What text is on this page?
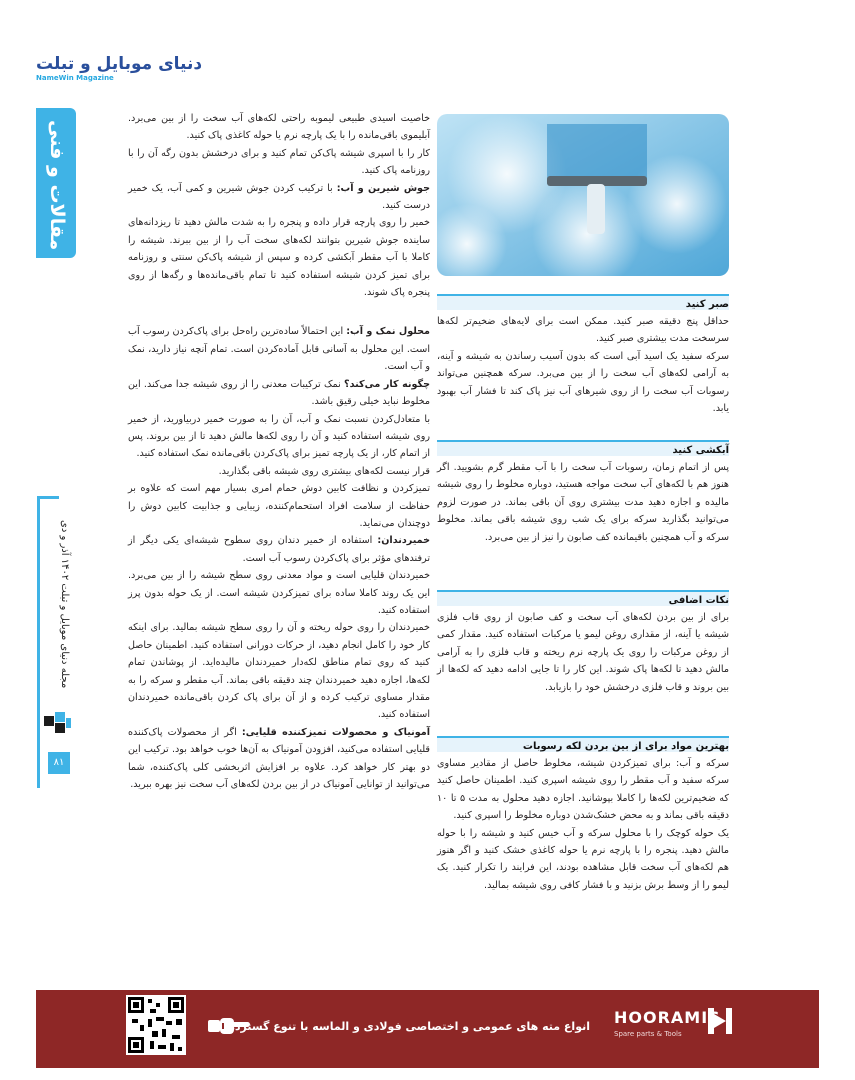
دنیای موبایل و تبلت
NameWin Magazine
مقالات و فنی
مجله دنیای موبایل و تبلت ۱۴۰۲ آذر و دی
۸۱

خاصیت اسیدی طبیعی لیموبه راحتی لکه‌های آب سخت را از بین می‌برد. آبلیموی باقی‌مانده را با یک پارچه نرم یا حوله کاغذی پاک کنید.

کار را با اسپری شیشه پاک‌کن تمام کنید و برای درخشش بدون رگه آن را با روزنامه پاک کنید.

جوش شیرین و آب: با ترکیب کردن جوش شیرین و کمی آب، یک خمیر درست کنید.

خمیر را روی پارچه قرار داده و پنجره را به شدت مالش دهید تا ریزدانه‌های ساینده جوش شیرین بتوانند لکه‌های سخت آب را از بین ببرند. شیشه را کاملا با آب مقطر آبکشی کرده و سپس از شیشه پاک‌کن سنتی و روزنامه برای تمیز کردن شیشه استفاده کنید تا تمام باقی‌مانده‌ها و رگه‌ها از روی پنجره پاک شوند.

محلول نمک و آب: این احتمالاً ساده‌ترین راه‌حل برای پاک‌کردن رسوب آب است. این محلول به آسانی قابل آماده‌کردن است. تمام آنچه نیاز دارید، نمک و آب است.

چگونه کار می‌کند؟ نمک ترکیبات معدنی را از روی شیشه جدا می‌کند. این مخلوط نباید خیلی رقیق باشد.

با متعادل‌کردن نسبت نمک و آب، آن را به صورت خمیر دربیاورید، از خمیر روی شیشه استفاده کنید و آن را روی لکه‌ها مالش دهید تا از بین بروند. پس از اتمام کار، از یک پارچه تمیز برای پاک‌کردن باقی‌مانده نمک استفاده کنید.

قرار نیست لکه‌های بیشتری روی شیشه باقی بگذارید.

تمیزکردن و نظافت کابین دوش حمام امری بسیار مهم است که علاوه بر حفاظت از سلامت افراد استحمام‌کننده، زیبایی و جذابیت کابین دوش را دوچندان می‌نماید.

خمیردندان: استفاده از خمیر دندان روی سطوح شیشه‌ای یکی دیگر از ترفندهای مؤثر برای پاک‌کردن رسوب آب است.

خمیردندان قلیایی است و مواد معدنی روی سطح شیشه را از بین می‌برد. این یک روند کاملا ساده برای تمیزکردن شیشه است. از یک حوله بدون پرز استفاده کنید.

خمیردندان را روی حوله ریخته و آن را روی سطح شیشه بمالید. برای اینکه کار خود را کامل انجام دهید، از حرکات دورانی استفاده کنید. اطمینان حاصل کنید که روی تمام مناطق لکه‌دار خمیردندان مالیده‌اید. از پوشاندن تمام لکه‌ها، اجازه دهید خمیردندان چند دقیقه باقی بماند. آب مقطر و سرکه را به مقدار مساوی ترکیب کرده و از آن برای پاک کردن باقی‌مانده خمیردندان استفاده کنید.

آمونیاک و محصولات تمیزکننده قلیایی: اگر از محصولات پاک‌کننده قلیایی استفاده می‌کنید، افزودن آمونیاک به آن‌ها خوب خواهد بود. ترکیب این دو بهتر کار خواهد کرد. علاوه بر افزایش اثربخشی کلی پاک‌کننده، شما می‌توانید از توانایی آمونیاک در از بین بردن لکه‌های آب سخت نیز بهره ببرید.

صبر کنید

حداقل پنج دقیقه صبر کنید. ممکن است برای لایه‌های ضخیم‌تر لکه‌ها سرسخت مدت بیشتری صبر کنید.

سرکه سفید یک اسید آبی است که بدون آسیب رساندن به شیشه و آینه، به آرامی لکه‌های آب سخت را از بین می‌برد. سرکه همچنین می‌تواند رسوبات آب سخت را از روی شیرهای آب نیز پاک کند تا فشار آب بهبود یابد.

آبکشی کنید

پس از اتمام زمان، رسوبات آب سخت را با آب مقطر گرم بشویید. اگر هنوز هم با لکه‌های آب سخت مواجه هستید، دوباره مخلوط را روی شیشه مالیده و اجازه دهید مدت بیشتری روی آن باقی بماند. در صورت لزوم می‌توانید بگذارید سرکه برای یک شب روی شیشه باقی بماند. مخلوط سرکه و آب همچنین باقیمانده کف صابون را نیز از بین می‌برد.

نکات اضافی

برای از بین بردن لکه‌های آب سخت و کف صابون از روی قاب فلزی شیشه یا آینه، از مقداری روغن لیمو یا مرکبات استفاده کنید. مقدار کمی از روغن مرکبات را روی یک پارچه نرم ریخته و قاب فلزی را به آرامی مالش دهید تا لکه‌ها پاک شوند. این کار را تا جایی ادامه دهید که لکه‌ها از بین بروند و قاب فلزی درخشش خود را بازیابد.

بهترین مواد برای از بین بردن لکه رسوبات

سرکه و آب: برای تمیزکردن شیشه، مخلوط حاصل از مقادیر مساوی سرکه سفید و آب مقطر را روی شیشه اسپری کنید. اطمینان حاصل کنید که ضخیم‌ترین لکه‌ها را کاملا بپوشانید. اجازه دهید محلول به مدت ۵ تا ۱۰ دقیقه باقی بماند و به محض خشک‌شدن دوباره مخلوط را اسپری کنید.

یک حوله کوچک را با محلول سرکه و آب خیس کنید و شیشه را با حوله مالش دهید. پنجره را با پارچه نرم یا حوله کاغذی خشک کنید و اگر هنوز هم لکه‌های آب سخت قابل مشاهده بودند، این فرایند را تکرار کنید. یک لیمو را از وسط برش بزنید و با فشار کافی روی شیشه بمالید.

انواع مته های عمومی و اختصاصی فولادی و الماسه با تنوع گسترده HOORAMIS
Spare parts & Tools
